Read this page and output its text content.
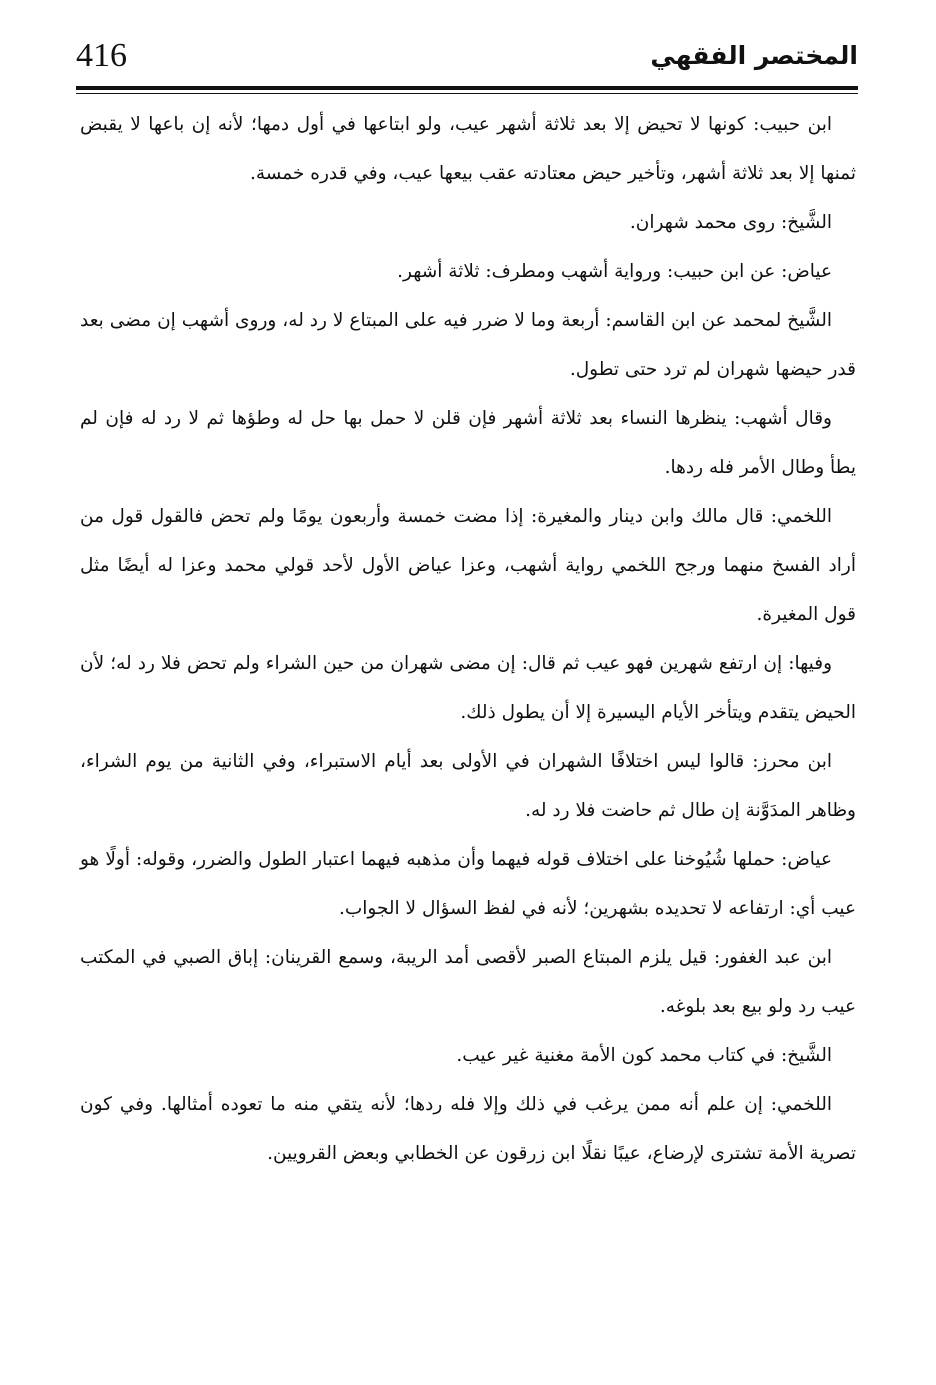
416	المختصر الفقهي

ابن حبيب: كونها لا تحيض إلا بعد ثلاثة أشهر عيب، ولو ابتاعها في أول دمها؛ لأنه إن باعها لا يقبض ثمنها إلا بعد ثلاثة أشهر، وتأخير حيض معتادته عقب بيعها عيب، وفي قدره خمسة.

الشَّيخ: روى محمد شهران.

عياض: عن ابن حبيب: ورواية أشهب ومطرف: ثلاثة أشهر.

الشَّيخ لمحمد عن ابن القاسم: أربعة وما لا ضرر فيه على المبتاع لا رد له، وروى أشهب إن مضى بعد قدر حيضها شهران لم ترد حتى تطول.

وقال أشهب: ينظرها النساء بعد ثلاثة أشهر فإن قلن لا حمل بها حل له وطؤها ثم لا رد له فإن لم يطأ وطال الأمر فله ردها.

اللخمي: قال مالك وابن دينار والمغيرة: إذا مضت خمسة وأربعون يومًا ولم تحض فالقول قول من أراد الفسخ منهما ورجح اللخمي رواية أشهب، وعزا عياض الأول لأحد قولي محمد وعزا له أيضًا مثل قول المغيرة.

وفيها: إن ارتفع شهرين فهو عيب ثم قال: إن مضى شهران من حين الشراء ولم تحض فلا رد له؛ لأن الحيض يتقدم ويتأخر الأيام اليسيرة إلا أن يطول ذلك.

ابن محرز: قالوا ليس اختلافًا الشهران في الأولى بعد أيام الاستبراء، وفي الثانية من يوم الشراء، وظاهر المدَوَّنة إن طال ثم حاضت فلا رد له.

عياض: حملها شُيُوخنا على اختلاف قوله فيهما وأن مذهبه فيهما اعتبار الطول والضرر، وقوله: أولًا هو عيب أي: ارتفاعه لا تحديده بشهرين؛ لأنه في لفظ السؤال لا الجواب.

ابن عبد الغفور: قيل يلزم المبتاع الصبر لأقصى أمد الريبة، وسمع القرينان: إباق الصبي في المكتب عيب رد ولو بيع بعد بلوغه.

الشَّيخ: في كتاب محمد كون الأمة مغنية غير عيب.

اللخمي: إن علم أنه ممن يرغب في ذلك وإلا فله ردها؛ لأنه يتقي منه ما تعوده أمثالها. وفي كون تصرية الأمة تشترى لإرضاع، عيبًا نقلًا ابن زرقون عن الخطابي وبعض القرويين.
